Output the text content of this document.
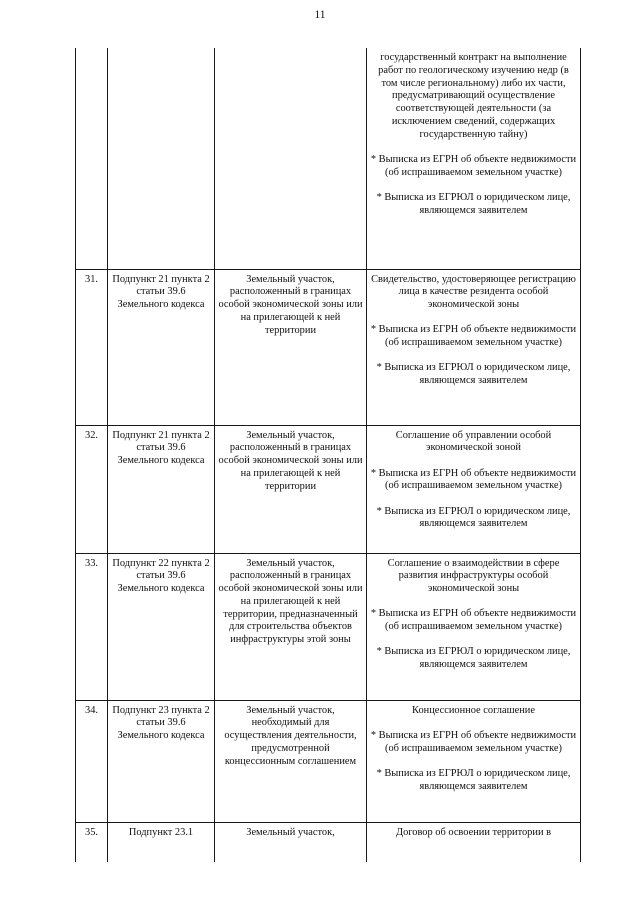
11

			государственный контракт на выполнение работ по геологическому изучению недр (в том числе региональному) либо их части, предусматривающий осуществление соответствующей деятельности (за исключением сведений, содержащих государственную тайну)

* Выписка из ЕГРН об объекте недвижимости (об испрашиваемом земельном участке)

* Выписка из ЕГРЮЛ о юридическом лице, являющемся заявителем

31.	Подпункт 21 пункта 2 статьи 39.6 Земельного кодекса	Земельный участок, расположенный в границах особой экономической зоны или на прилегающей к ней территории	Свидетельство, удостоверяющее регистрацию лица в качестве резидента особой экономической зоны

* Выписка из ЕГРН об объекте недвижимости (об испрашиваемом земельном участке)

* Выписка из ЕГРЮЛ о юридическом лице, являющемся заявителем

32.	Подпункт 21 пункта 2 статьи 39.6 Земельного кодекса	Земельный участок, расположенный в границах особой экономической зоны или на прилегающей к ней территории	Соглашение об управлении особой экономической зоной

* Выписка из ЕГРН об объекте недвижимости (об испрашиваемом земельном участке)

* Выписка из ЕГРЮЛ о юридическом лице, являющемся заявителем

33.	Подпункт 22 пункта 2 статьи 39.6 Земельного кодекса	Земельный участок, расположенный в границах особой экономической зоны или на прилегающей к ней территории, предназначенный для строительства объектов инфраструктуры этой зоны	Соглашение о взаимодействии в сфере развития инфраструктуры особой экономической зоны

* Выписка из ЕГРН об объекте недвижимости (об испрашиваемом земельном участке)

* Выписка из ЕГРЮЛ о юридическом лице, являющемся заявителем

34.	Подпункт 23 пункта 2 статьи 39.6 Земельного кодекса	Земельный участок, необходимый для осуществления деятельности, предусмотренной концессионным соглашением	Концессионное соглашение

* Выписка из ЕГРН об объекте недвижимости (об испрашиваемом земельном участке)

* Выписка из ЕГРЮЛ о юридическом лице, являющемся заявителем

35.	Подпункт 23.1	Земельный участок,	Договор об освоении территории в
